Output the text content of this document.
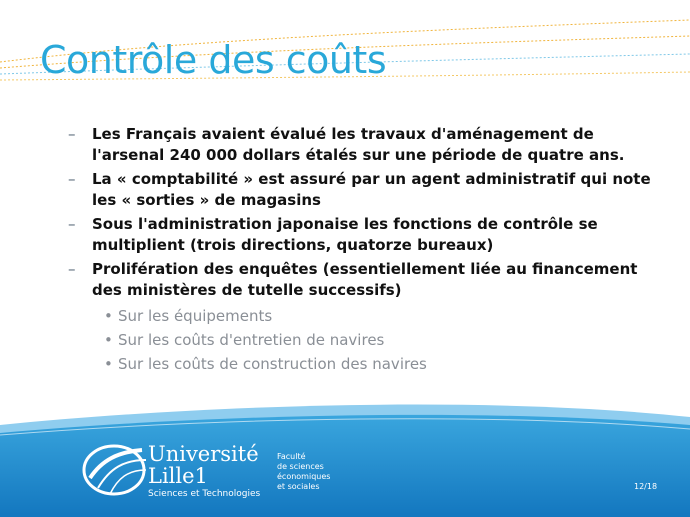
Contrôle des coûts
– Les Français avaient évalué les travaux d'aménagement de l'arsenal 240 000 dollars étalés sur une période de quatre ans.
– La « comptabilité » est assuré par un agent administratif qui note les « sorties » de magasins
– Sous l'administration japonaise les fonctions de contrôle se multiplient (trois directions, quatorze bureaux)
– Prolifération des enquêtes (essentiellement liée au financement des ministères de tutelle successifs)
• Sur les équipements
• Sur les coûts d'entretien de navires
• Sur les coûts de construction des navires
Université
Lille1
Sciences et Technologies
Faculté
de sciences
économiques
et sociales	12/18
